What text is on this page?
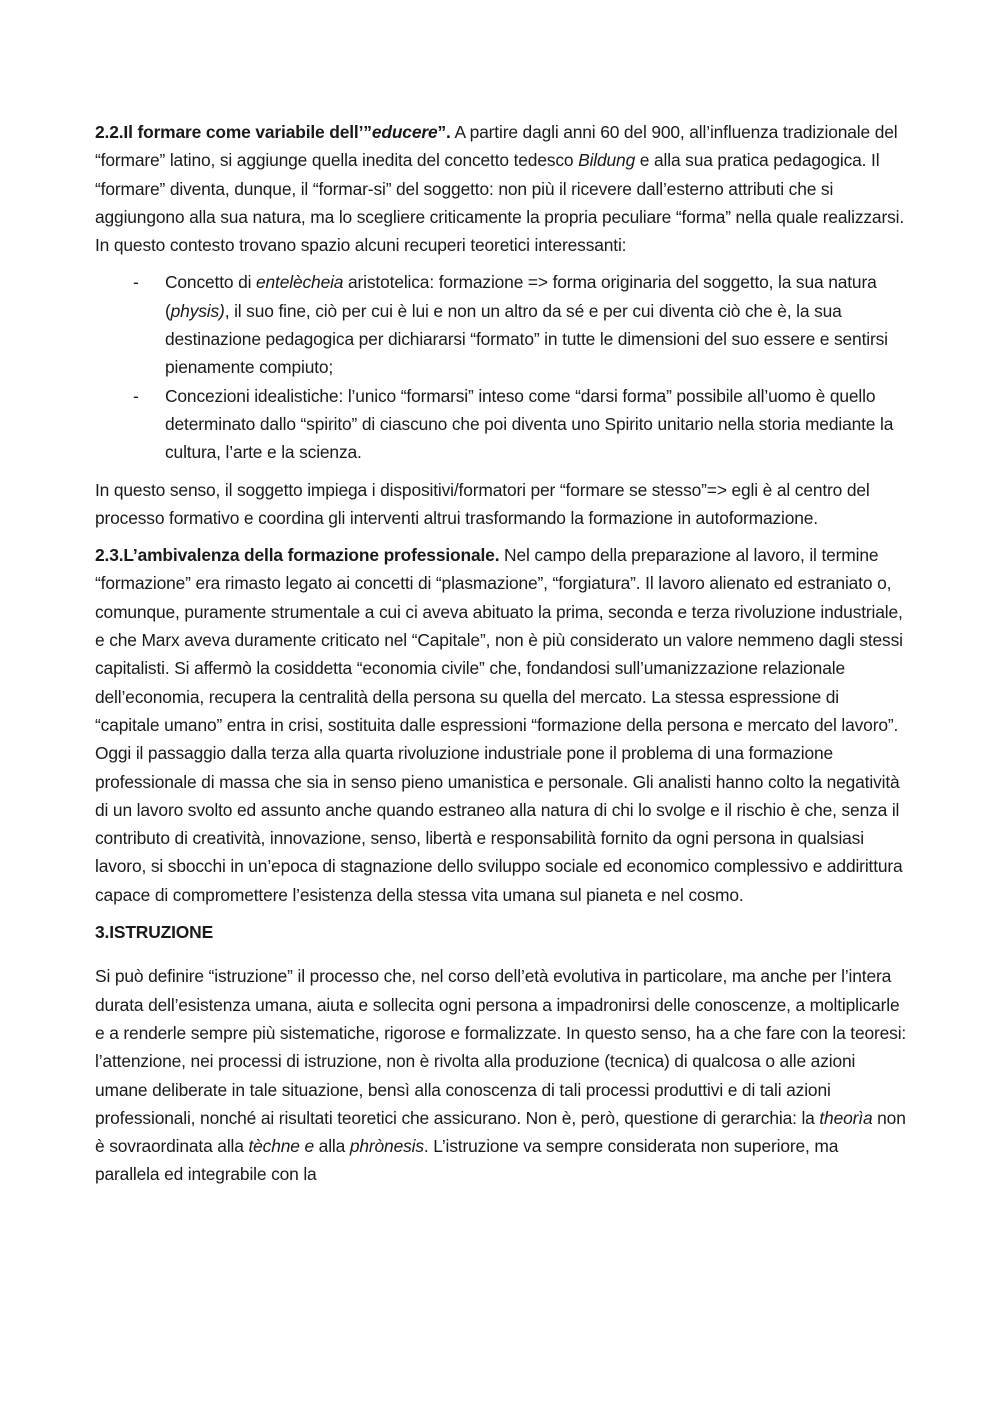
2.2.Il formare come variabile dell’”educere”. A partire dagli anni 60 del 900, all’influenza tradizionale del “formare” latino, si aggiunge quella inedita del concetto tedesco Bildung e alla sua pratica pedagogica. Il “formare” diventa, dunque, il “formar-si” del soggetto: non più il ricevere dall’esterno attributi che si aggiungono alla sua natura, ma lo scegliere criticamente la propria peculiare “forma” nella quale realizzarsi. In questo contesto trovano spazio alcuni recuperi teoretici interessanti:

- Concetto di entelècheia aristotelica: formazione => forma originaria del soggetto, la sua natura (physis), il suo fine, ciò per cui è lui e non un altro da sé e per cui diventa ciò che è, la sua destinazione pedagogica per dichiararsi “formato” in tutte le dimensioni del suo essere e sentirsi pienamente compiuto;
- Concezioni idealistiche: l’unico “formarsi” inteso come “darsi forma” possibile all’uomo è quello determinato dallo “spirito” di ciascuno che poi diventa uno Spirito unitario nella storia mediante la cultura, l’arte e la scienza.

In questo senso, il soggetto impiega i dispositivi/formatori per “formare se stesso”=> egli è al centro del processo formativo e coordina gli interventi altrui trasformando la formazione in autoformazione.

2.3.L’ambivalenza della formazione professionale. Nel campo della preparazione al lavoro, il termine “formazione” era rimasto legato ai concetti di “plasmazione”, “forgiatura”. Il lavoro alienato ed estraniato o, comunque, puramente strumentale a cui ci aveva abituato la prima, seconda e terza rivoluzione industriale, e che Marx aveva duramente criticato nel “Capitale”, non è più considerato un valore nemmeno dagli stessi capitalisti. Si affermò la cosiddetta “economia civile” che, fondandosi sull’umanizzazione relazionale dell’economia, recupera la centralità della persona su quella del mercato. La stessa espressione di “capitale umano” entra in crisi, sostituita dalle espressioni “formazione della persona e mercato del lavoro”. Oggi il passaggio dalla terza alla quarta rivoluzione industriale pone il problema di una formazione professionale di massa che sia in senso pieno umanistica e personale. Gli analisti hanno colto la negatività di un lavoro svolto ed assunto anche quando estraneo alla natura di chi lo svolge e il rischio è che, senza il contributo di creatività, innovazione, senso, libertà e responsabilità fornito da ogni persona in qualsiasi lavoro, si sbocchi in un’epoca di stagnazione dello sviluppo sociale ed economico complessivo e addirittura capace di compromettere l’esistenza della stessa vita umana sul pianeta e nel cosmo.

3.ISTRUZIONE

Si può definire “istruzione” il processo che, nel corso dell’età evolutiva in particolare, ma anche per l’intera durata dell’esistenza umana, aiuta e sollecita ogni persona a impadronirsi delle conoscenze, a moltiplicarle e a renderle sempre più sistematiche, rigorose e formalizzate. In questo senso, ha a che fare con la teoresi: l’attenzione, nei processi di istruzione, non è rivolta alla produzione (tecnica) di qualcosa o alle azioni umane deliberate in tale situazione, bensì alla conoscenza di tali processi produttivi e di tali azioni professionali, nonché ai risultati teoretici che assicurano. Non è, però, questione di gerarchia: la theorìa non è sovraordinata alla tèchne e alla phrònesis. L’istruzione va sempre considerata non superiore, ma parallela ed integrabile con la
